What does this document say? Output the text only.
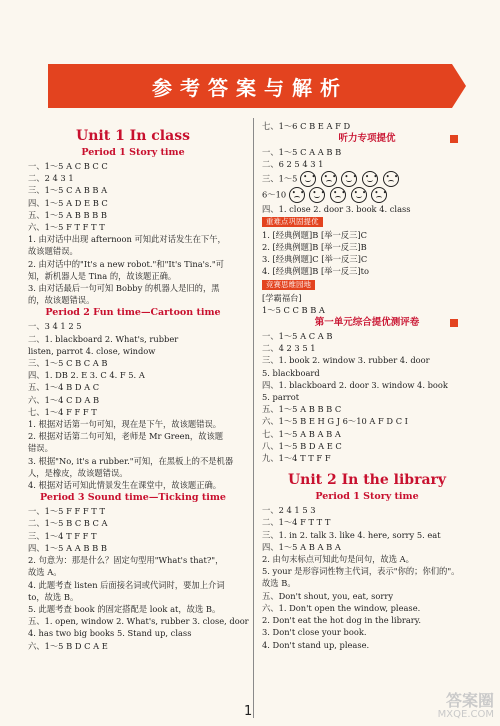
参考答案与解析
Unit 1 In class
Period 1 Story time
一、1～5 A C B C C
二、2 4 3 1
三、1～5 C A B B A
四、1～5 A D E B C
五、1～5 A B B B B
六、1～5 F T F T T
1. 由对话中出现 afternoon 可知此对话发生在下午，
故该题错误。
2. 由对话中的"It's a new robot."和"It's Tina's."可
知，新机器人是 Tina 的，故该题正确。
3. 由对话最后一句可知 Bobby 的机器人是旧的，黑
的，故该题错误。
Period 2 Fun time—Cartoon time
一、3 4 1 2 5
二、1. blackboard 2. What's, rubber
listen, parrot 4. close, window
三、1～5 C B C A B
四、1. DB 2. E 3. C 4. F 5. A
五、1～4 B D A C
六、1～4 C D A B
七、1～4 F F F T
1. 根据对话第一句可知，现在是下午，故该题错误。
2. 根据对话第二句可知，老师是 Mr Green，故该题
错误。
3. 根据"No, it's a rubber."可知，在黑板上的不是机器
人，是橡皮，故该题错误。
4. 根据对话可知此情景发生在课堂中，故该题正确。
Period 3 Sound time—Ticking time
一、1～5 F F F T T
二、1～5 B C B C A
三、1～4 T F F T
四、1～5 A A B B B
2. 句意为：那是什么？固定句型用"What's that?"，
故选 A。
4. 此题考查 listen 后面接名词或代词时，要加上介词
to，故选 B。
5. 此题考查 book 的固定搭配是 look at，故选 B。
五、1. open, window 2. What's, rubber 3. close, door
4. has two big books 5. Stand up, class
六、1～5 B D C A E
七、1～6 C B E A F D
听力专项提优
一、1～5 C A A B B
二、6 2 5 4 3 1
三、1～5 • • • • • • • • • •
6～10 • • • • • • • • • •
四、1. close 2. door 3. book 4. class
重难点巩固提优
1. [经典例题]B [举一反三]C
2. [经典例题]B [举一反三]B
3. [经典例题]C [举一反三]C
4. [经典例题]B [举一反三]to
竞赛思维园地
[学霸福台]
1～5 C C B B A
第一单元综合提优测评卷
一、1～5 A C A B
二、4 2 3 5 1
三、1. book 2. window 3. rubber 4. door
5. blackboard
四、1. blackboard 2. door 3. window 4. book
5. parrot
五、1～5 A B B B C
六、1～5 B E H G J 6～10 A F D C I
七、1～5 A B A B A
八、1～5 B D A E C
九、1～4 T T F F
Unit 2 In the library
Period 1 Story time
一、2 4 1 5 3
二、1～4 F T T T
三、1. in 2. talk 3. like 4. here, sorry 5. eat
四、1～5 A B A B A
2. 由句末标点可知此句是问句，故选 A。
5. your 是形容词性物主代词，表示"你的；你们的"。
故选 B。
五、Don't shout, you, eat, sorry
六、1. Don't open the window, please.
2. Don't eat the hot dog in the library.
3. Don't close your book.
4. Don't stand up, please.
1
答案圈
MXQE.COM
